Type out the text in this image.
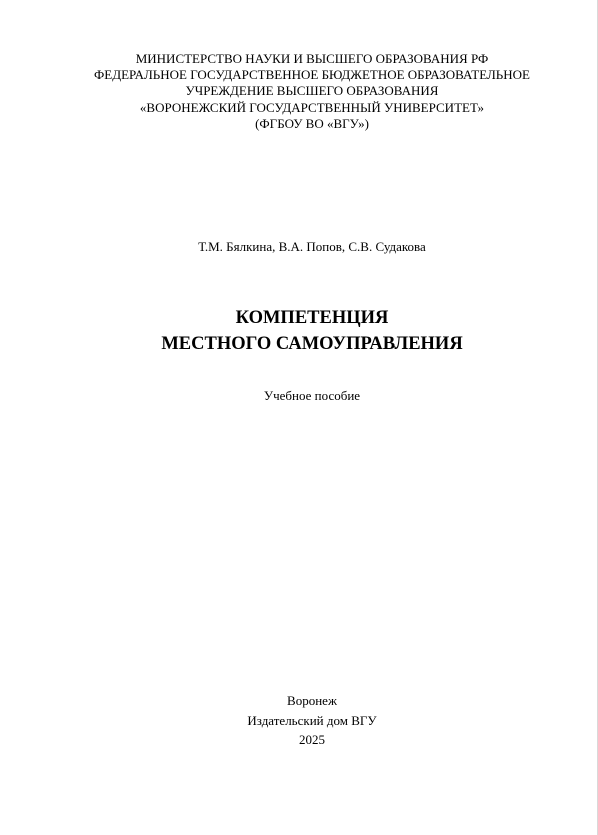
МИНИСТЕРСТВО НАУКИ И ВЫСШЕГО ОБРАЗОВАНИЯ РФ
ФЕДЕРАЛЬНОЕ ГОСУДАРСТВЕННОЕ БЮДЖЕТНОЕ ОБРАЗОВАТЕЛЬНОЕ
УЧРЕЖДЕНИЕ ВЫСШЕГО ОБРАЗОВАНИЯ
«ВОРОНЕЖСКИЙ ГОСУДАРСТВЕННЫЙ УНИВЕРСИТЕТ»
(ФГБОУ ВО «ВГУ»)
Т.М. Бялкина, В.А. Попов, С.В. Судакова
КОМПЕТЕНЦИЯ
МЕСТНОГО САМОУПРАВЛЕНИЯ
Учебное пособие
Воронеж
Издательский дом ВГУ
2025
